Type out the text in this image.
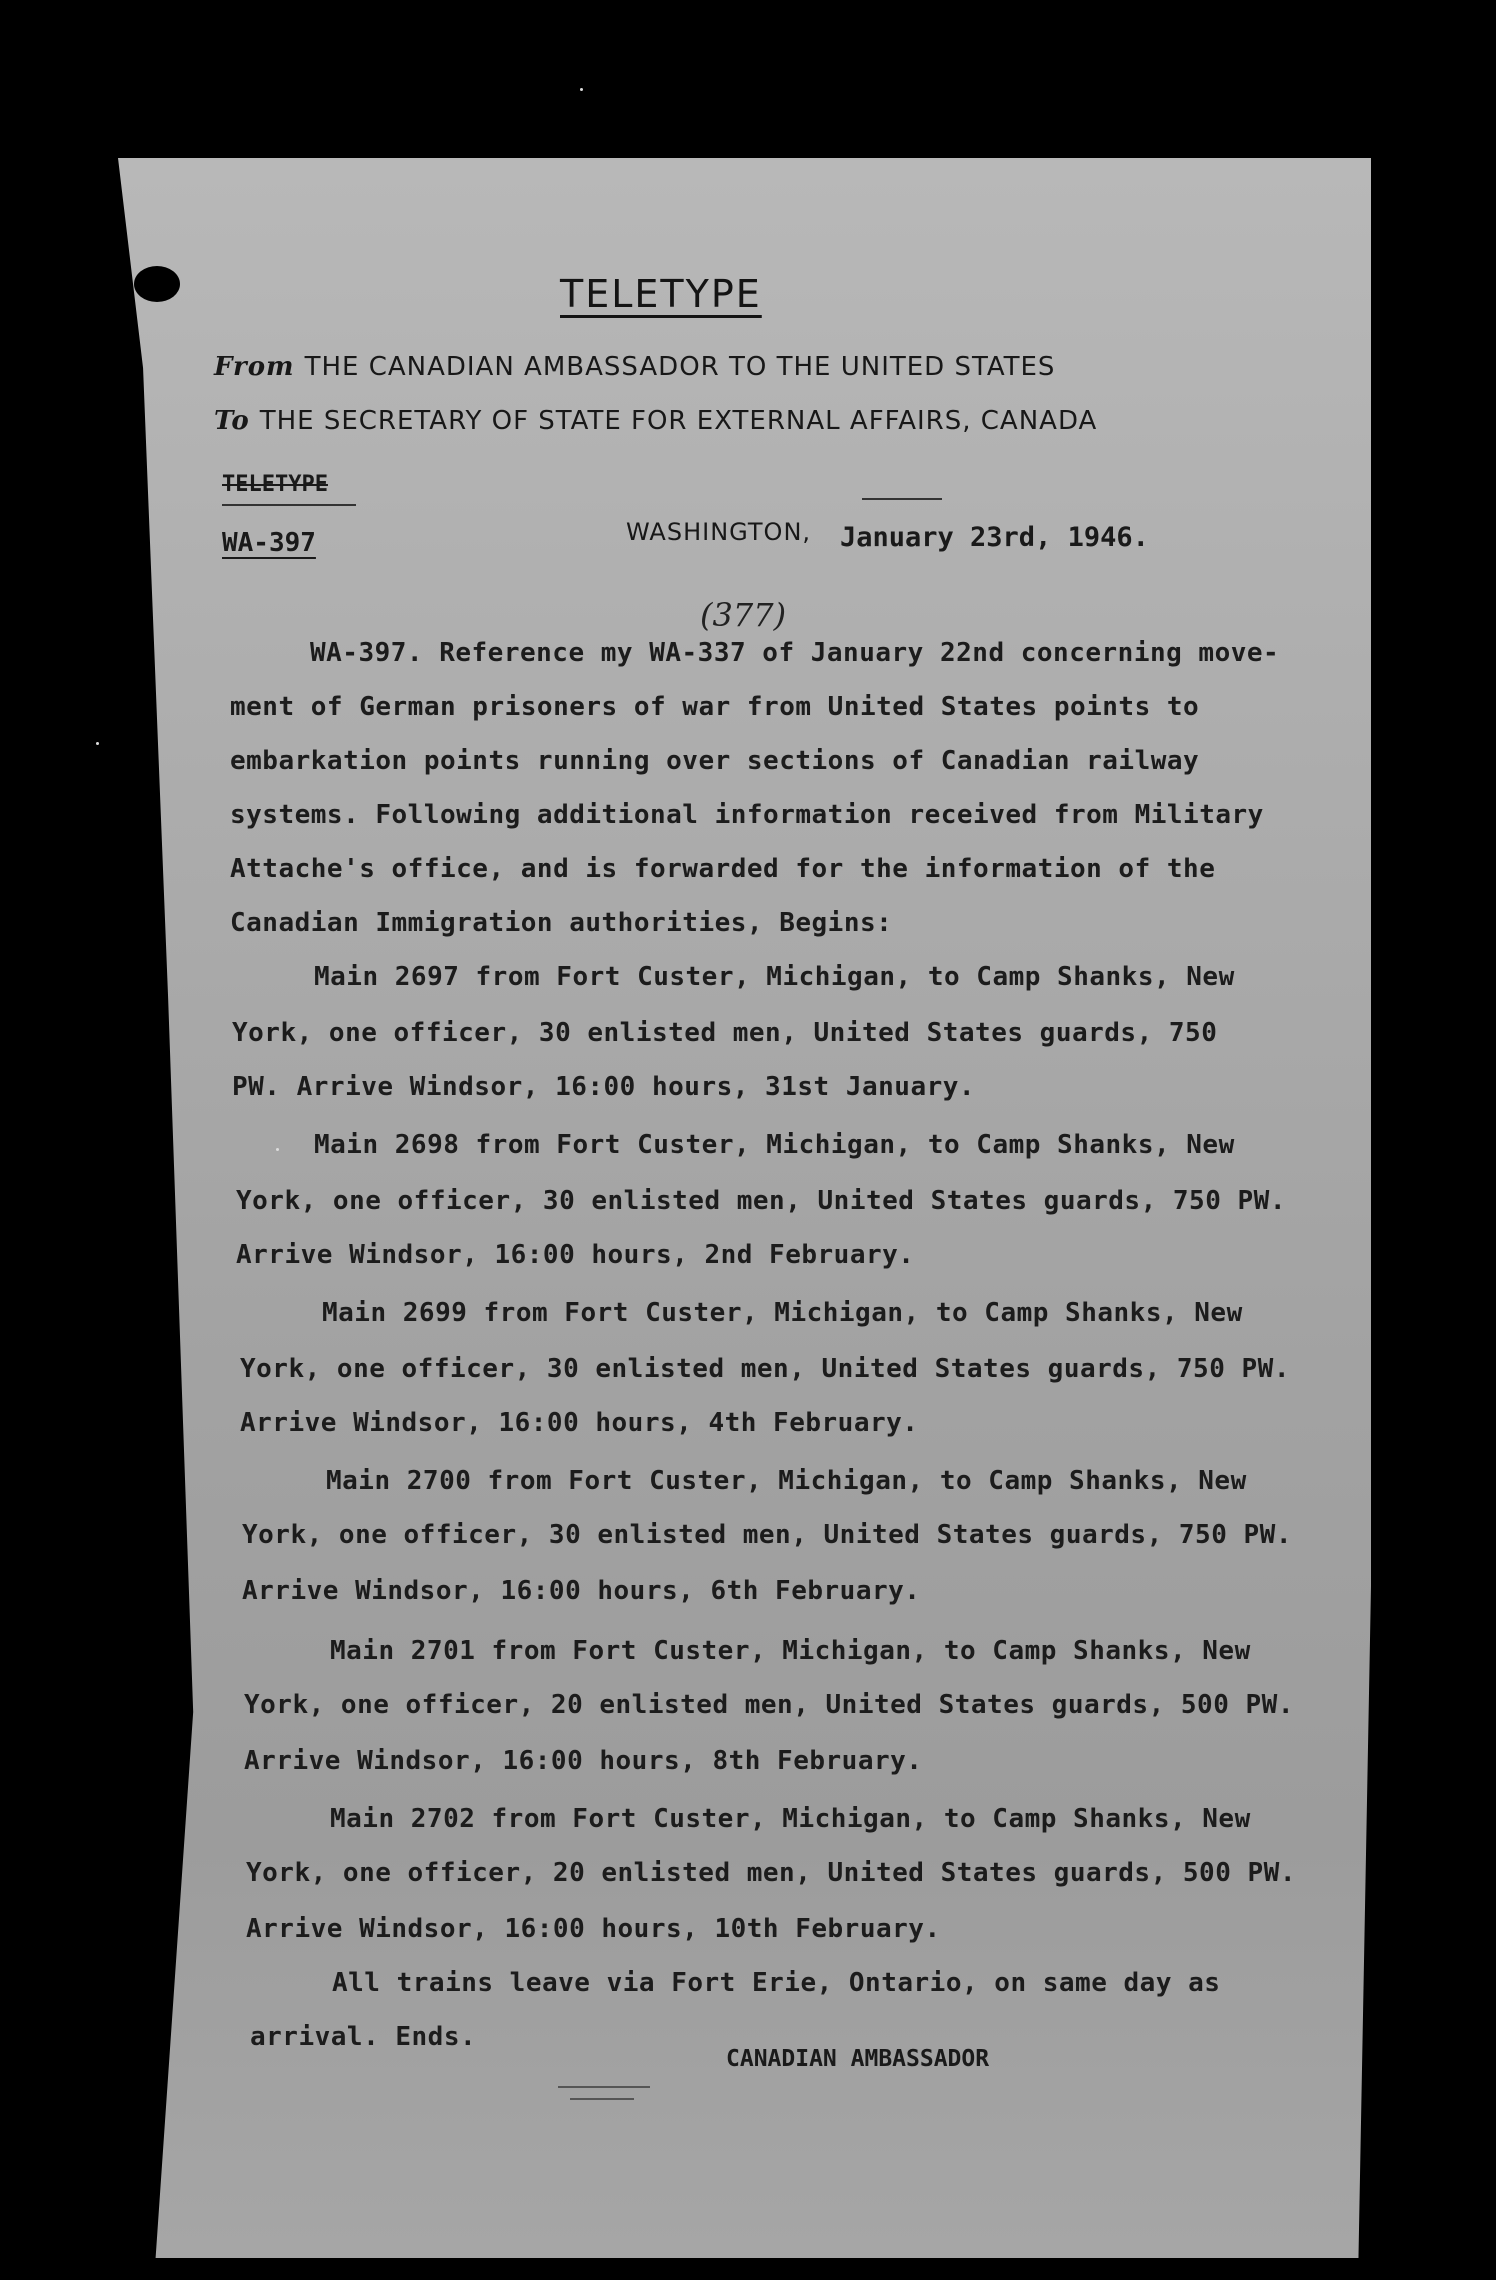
TELETYPE
From THE CANADIAN AMBASSADOR TO THE UNITED STATES
To THE SECRETARY OF STATE FOR EXTERNAL AFFAIRS, CANADA
TELETYPE
WA-397	WASHINGTON, January 23rd, 1946.
(377)
WA-397. Reference my WA-337 of January 22nd concerning move-
ment of German prisoners of war from United States points to
embarkation points running over sections of Canadian railway
systems. Following additional information received from Military
Attache's office, and is forwarded for the information of the
Canadian Immigration authorities, Begins:
Main 2697 from Fort Custer, Michigan, to Camp Shanks, New
York, one officer, 30 enlisted men, United States guards, 750
PW. Arrive Windsor, 16:00 hours, 31st January.
Main 2698 from Fort Custer, Michigan, to Camp Shanks, New
York, one officer, 30 enlisted men, United States guards, 750 PW.
Arrive Windsor, 16:00 hours, 2nd February.
Main 2699 from Fort Custer, Michigan, to Camp Shanks, New
York, one officer, 30 enlisted men, United States guards, 750 PW.
Arrive Windsor, 16:00 hours, 4th February.
Main 2700 from Fort Custer, Michigan, to Camp Shanks, New
York, one officer, 30 enlisted men, United States guards, 750 PW.
Arrive Windsor, 16:00 hours, 6th February.
Main 2701 from Fort Custer, Michigan, to Camp Shanks, New
York, one officer, 20 enlisted men, United States guards, 500 PW.
Arrive Windsor, 16:00 hours, 8th February.
Main 2702 from Fort Custer, Michigan, to Camp Shanks, New
York, one officer, 20 enlisted men, United States guards, 500 PW.
Arrive Windsor, 16:00 hours, 10th February.
All trains leave via Fort Erie, Ontario, on same day as
arrival. Ends.
CANADIAN AMBASSADOR
